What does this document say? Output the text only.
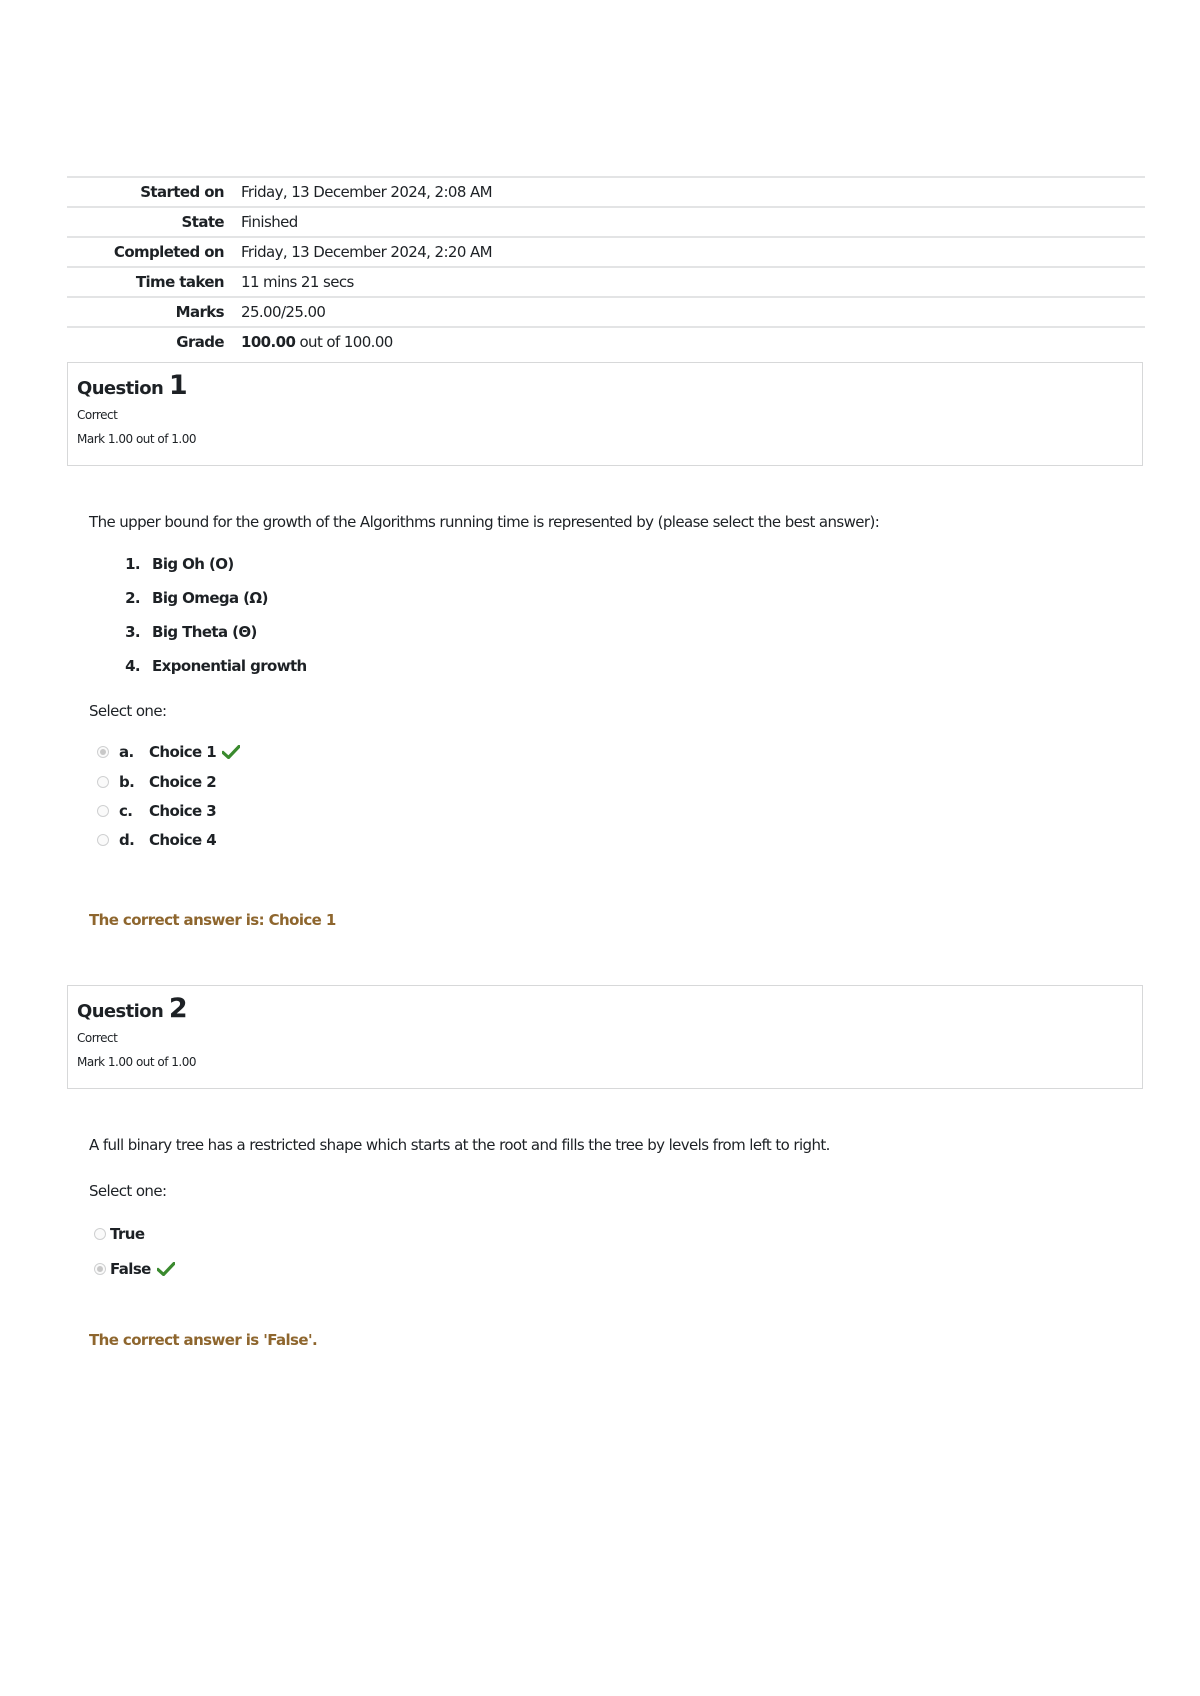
Started on Friday, 13 December 2024, 2:08 AM
State Finished
Completed on Friday, 13 December 2024, 2:20 AM
Time taken 11 mins 21 secs
Marks 25.00/25.00
Grade 100.00 out of 100.00
Question 1
Correct
Mark 1.00 out of 1.00
The upper bound for the growth of the Algorithms running time is represented by (please select the best answer):
1. Big Oh (O)
2. Big Omega (Ω)
3. Big Theta (Θ)
4. Exponential growth
Select one:
a.	Choice 1
b. Choice 2
c.	Choice 3
d. Choice 4
The correct answer is: Choice 1
Question 2
Correct
Mark 1.00 out of 1.00
A full binary tree has a restricted shape which starts at the root and fills the tree by levels from left to right.
Select one:
True
False
The correct answer is 'False'.
